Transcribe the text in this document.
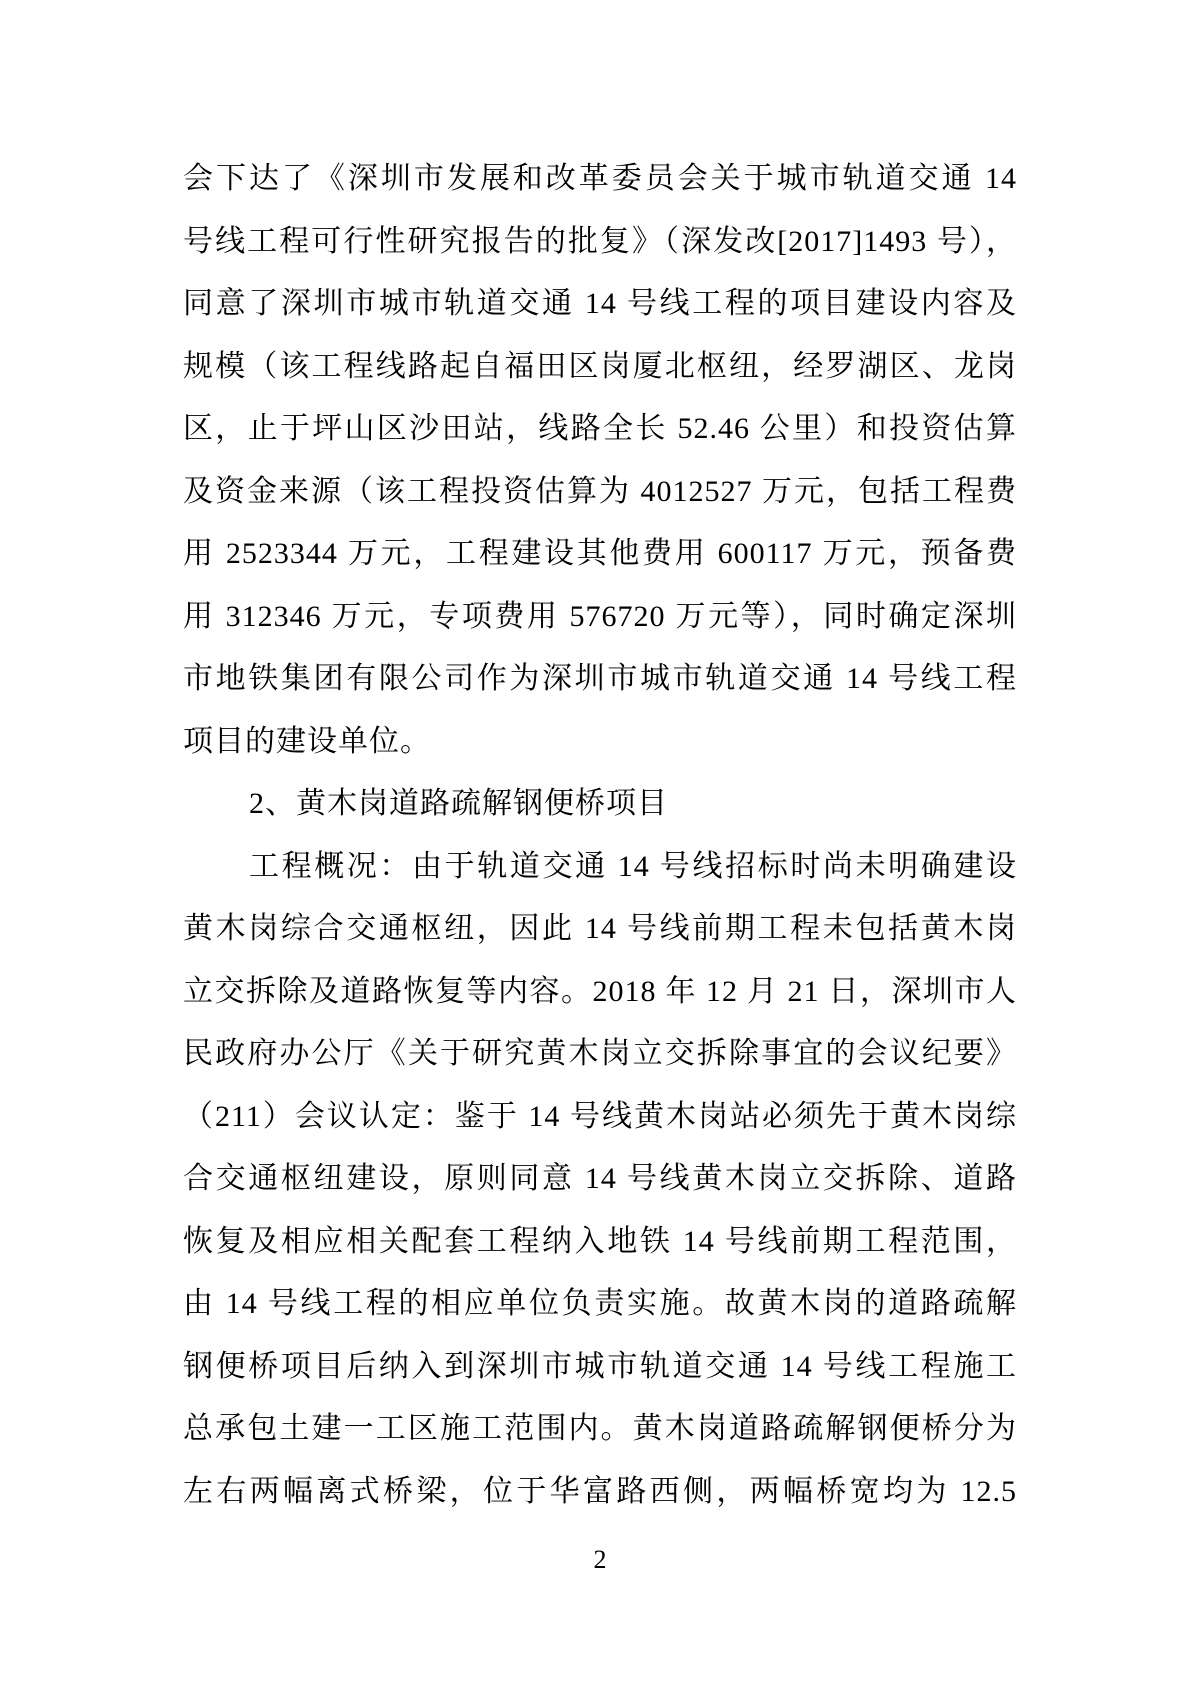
会下达了《深圳市发展和改革委员会关于城市轨道交通 14
号线工程可行性研究报告的批复》（深发改[2017]1493 号），
同意了深圳市城市轨道交通 14 号线工程的项目建设内容及
规模（该工程线路起自福田区岗厦北枢纽，经罗湖区、龙岗
区，止于坪山区沙田站，线路全长 52.46 公里）和投资估算
及资金来源（该工程投资估算为 4012527 万元，包括工程费
用 2523344 万元，工程建设其他费用 600117 万元，预备费
用 312346 万元，专项费用 576720 万元等），同时确定深圳
市地铁集团有限公司作为深圳市城市轨道交通 14 号线工程
项目的建设单位。
2、黄木岗道路疏解钢便桥项目
工程概况：由于轨道交通 14 号线招标时尚未明确建设
黄木岗综合交通枢纽，因此 14 号线前期工程未包括黄木岗
立交拆除及道路恢复等内容。2018 年 12 月 21 日，深圳市人
民政府办公厅《关于研究黄木岗立交拆除事宜的会议纪要》
（211）会议认定：鉴于 14 号线黄木岗站必须先于黄木岗综
合交通枢纽建设，原则同意 14 号线黄木岗立交拆除、道路
恢复及相应相关配套工程纳入地铁 14 号线前期工程范围，
由 14 号线工程的相应单位负责实施。故黄木岗的道路疏解
钢便桥项目后纳入到深圳市城市轨道交通 14 号线工程施工
总承包土建一工区施工范围内。黄木岗道路疏解钢便桥分为
左右两幅离式桥梁，位于华富路西侧，两幅桥宽均为 12.5
2
